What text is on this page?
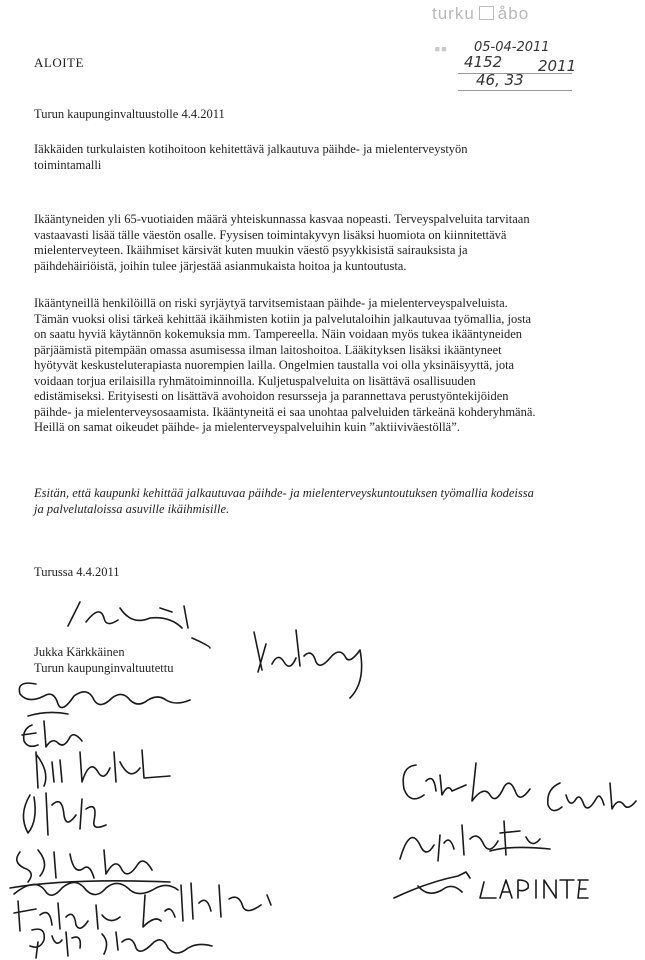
turku åbo
▪▪ 05-04-2011
4152 2011
46, 33
ALOITE
Turun kaupunginvaltuustolle 4.4.2011
Iäkkäiden turkulaisten kotihoitoon kehitettävä jalkautuva päihde- ja mielenterveystyön
toimintamalli
Ikääntyneiden yli 65-vuotiaiden määrä yhteiskunnassa kasvaa nopeasti. Terveyspalveluita tarvitaan
vastaavasti lisää tälle väestön osalle. Fyysisen toimintakyvyn lisäksi huomiota on kiinnitettävä
mielenterveyteen. Ikäihmiset kärsivät kuten muukin väestö psyykkisistä sairauksista ja
päihdehäiriöistä, joihin tulee järjestää asianmukaista hoitoa ja kuntoutusta.
Ikääntyneillä henkilöillä on riski syrjäytyä tarvitsemistaan päihde- ja mielenterveyspalveluista.
Tämän vuoksi olisi tärkeä kehittää ikäihmisten kotiin ja palvelutaloihin jalkautuvaa työmallia, josta
on saatu hyviä käytännön kokemuksia mm. Tampereella. Näin voidaan myös tukea ikääntyneiden
pärjäämistä pitempään omassa asumisessa ilman laitoshoitoa. Lääkityksen lisäksi ikääntyneet
hyötyvät keskusteluterapiasta nuorempien lailla. Ongelmien taustalla voi olla yksinäisyyttä, jota
voidaan torjua erilaisilla ryhmätoiminnoilla. Kuljetuspalveluita on lisättävä osallisuuden
edistämiseksi. Erityisesti on lisättävä avohoidon resursseja ja parannettava perustyöntekijöiden
päihde- ja mielenterveysosaamista. Ikääntyneitä ei saa unohtaa palveluiden tärkeänä kohderyhmänä.
Heillä on samat oikeudet päihde- ja mielenterveyspalveluihin kuin ”aktiiviväestöllä”.
Esitän, että kaupunki kehittää jalkautuvaa päihde- ja mielenterveyskuntoutuksen työmallia kodeissa
ja palvelutaloissa asuville ikäihmisille.
Turussa 4.4.2011
Jukka Kärkkäinen
Turun kaupunginvaltuutettu
